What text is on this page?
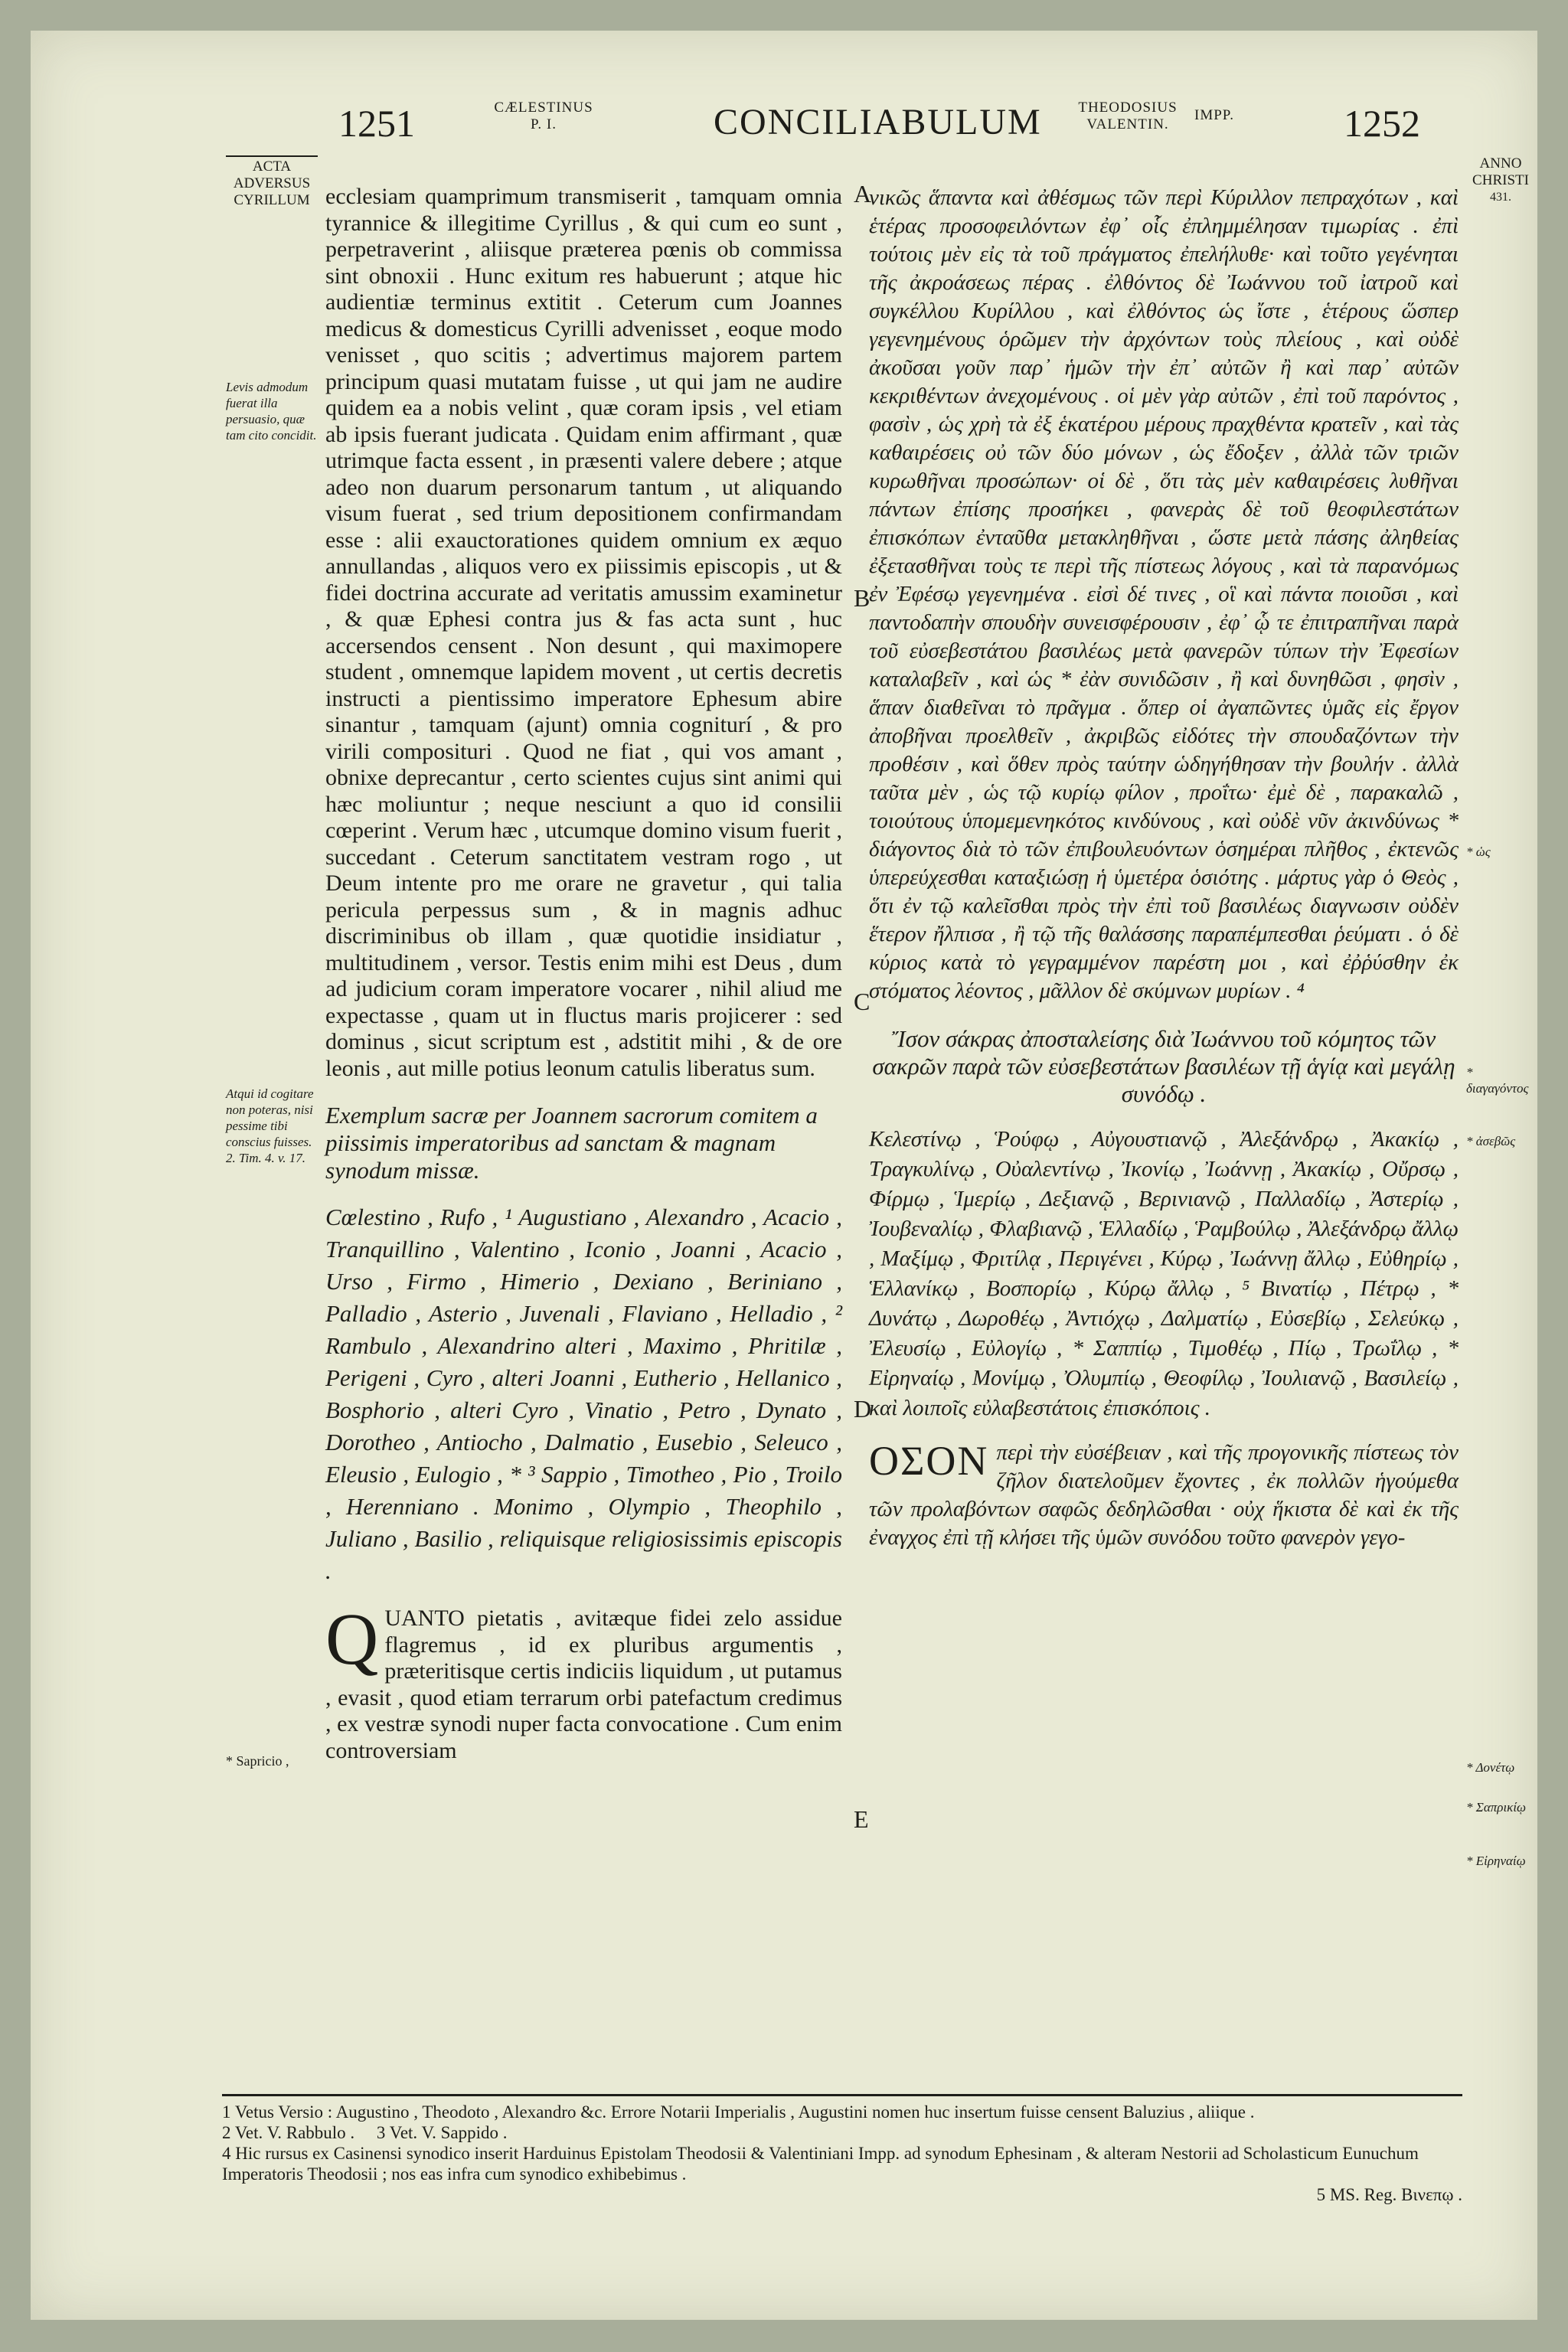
1251	CÆLESTINUS
P. I.	CONCILIABULUM	THEODOSIUS
VALENTIN.
IMPP.	1252
ACTA
ADVERSUS
CYRILLUM
Levis admodum fuerat illa persuasio, quæ tam cito concidit.
Atqui id cogitare non poteras, nisi pessime tibi conscius fuisses. 2. Tim. 4. v. 17.
* Sapricio ,
ANNO
CHRISTI
431.
* ὡς
* διαγαγόντος
* ἀσεβῶς
* Δονέτῳ
* Σαπρικίῳ
* Εἰρηναίῳ
A
B
C
D
E

ecclesiam quamprimum transmiserit , tamquam omnia tyrannice & illegitime Cyrillus , & qui cum eo sunt , perpetraverint , aliisque præterea pœnis ob commissa sint obnoxii . Hunc exitum res habuerunt ; atque hic audientiæ terminus extitit . Ceterum cum Joannes medicus & domesticus Cyrilli advenisset , eoque modo venisset , quo scitis ; advertimus majorem partem principum quasi mutatam fuisse , ut qui jam ne audire quidem ea a nobis velint , quæ coram ipsis , vel etiam ab ipsis fuerant judicata . Quidam enim affirmant , quæ utrimque facta essent , in præsenti valere debere ; atque adeo non duarum personarum tantum , ut aliquando visum fuerat , sed trium depositionem confirmandam esse : alii exauctorationes quidem omnium ex æquo annullandas , aliquos vero ex piissimis episcopis , ut & fidei doctrina accurate ad veritatis amussim examinetur , & quæ Ephesi contra jus & fas acta sunt , huc accersendos censent . Non desunt , qui maximopere student , omnemque lapidem movent , ut certis decretis instructi a pientissimo imperatore Ephesum abire sinantur , tamquam (ajunt) omnia cogniturí , & pro virili composituri . Quod ne fiat , qui vos amant , obnixe deprecantur , certo scientes cujus sint animi qui hæc moliuntur ; neque nesciunt a quo id consilii cœperint . Verum hæc , utcumque domino visum fuerit , succedant . Ceterum sanctitatem vestram rogo , ut Deum intente pro me orare ne gravetur , qui talia pericula perpessus sum , & in magnis adhuc discriminibus ob illam , quæ quotidie insidiatur , multitudinem , versor. Testis enim mihi est Deus , dum ad judicium coram imperatore vocarer , nihil aliud me expectasse , quam ut in fluctus maris projicerer : sed dominus , sicut scriptum est , adstitit mihi , & de ore leonis , aut mille potius leonum catulis liberatus sum.

Exemplum sacræ per Joannem sacrorum comitem a piissimis imperatoribus ad sanctam & magnam synodum missæ.

Cœlestino , Rufo , ¹ Augustiano , Alexandro , Acacio , Tranquillino , Valentino , Iconio , Joanni , Acacio , Urso , Firmo , Himerio , Dexiano , Beriniano , Palladio , Asterio , Juvenali , Flaviano , Helladio , ² Rambulo , Alexandrino alteri , Maximo , Phritilæ , Perigeni , Cyro , alteri Joanni , Eutherio , Hellanico , Bosphorio , alteri Cyro , Vinatio , Petro , Dynato , Dorotheo , Antiocho , Dalmatio , Eusebio , Seleuco , Eleusio , Eulogio , * ³ Sappio , Timotheo , Pio , Troilo , Herenniano . Monimo , Olympio , Theophilo , Juliano , Basilio , reliquisque religiosissimis episcopis .

Q UANTO pietatis , avitæque fidei zelo assidue flagremus , id ex pluribus argumentis , præteritisque certis indiciis liquidum , ut putamus , evasit , quod etiam terrarum orbi patefactum credimus , ex vestræ synodi nuper facta convocatione . Cum enim controversiam

νικῶς ἅπαντα καὶ ἀθέσμως τῶν περὶ Κύριλλον πεπραχότων , καὶ ἑτέρας προσοφειλόντων ἐφ᾽ οἷς ἐπλημμέλησαν τιμωρίας . ἐπὶ τούτοις μὲν εἰς τὰ τοῦ πράγματος ἐπελήλυθε· καὶ τοῦτο γεγένηται τῆς ἀκροάσεως πέρας . ἐλθόντος δὲ Ἰωάννου τοῦ ἰατροῦ καὶ συγκέλλου Κυρίλλου , καὶ ἐλθόντος ὡς ἴστε , ἑτέρους ὥσπερ γεγενημένους ὁρῶμεν τὴν ἀρχόντων τοὺς πλείους , καὶ οὐδὲ ἀκοῦσαι γοῦν παρ᾽ ἡμῶν τὴν ἐπ᾽ αὐτῶν ἢ καὶ παρ᾽ αὐτῶν κεκριθέντων ἀνεχομένους . οἱ μὲν γὰρ αὐτῶν , ἐπὶ τοῦ παρόντος , φασὶν , ὡς χρὴ τὰ ἐξ ἑκατέρου μέρους πραχθέντα κρατεῖν , καὶ τὰς καθαιρέσεις οὐ τῶν δύο μόνων , ὡς ἔδοξεν , ἀλλὰ τῶν τριῶν κυρωθῆναι προσώπων· οἱ δὲ , ὅτι τὰς μὲν καθαιρέσεις λυθῆναι πάντων ἐπίσης προσήκει , φανερὰς δὲ τοῦ θεοφιλεστάτων ἐπισκόπων ἐνταῦθα μετακληθῆναι , ὥστε μετὰ πάσης ἀληθείας ἐξετασθῆναι τοὺς τε περὶ τῆς πίστεως λόγους , καὶ τὰ παρανόμως ἐν Ἐφέσῳ γεγενημένα . εἰσὶ δέ τινες , οἳ καὶ πάντα ποιοῦσι , καὶ παντοδαπὴν σπουδὴν συνεισφέρουσιν , ἐφ᾽ ᾧ τε ἐπιτραπῆναι παρὰ τοῦ εὐσεβεστάτου βασιλέως μετὰ φανερῶν τύπων τὴν Ἐφεσίων καταλαβεῖν , καὶ ὡς * ἐὰν συνιδῶσιν , ἢ καὶ δυνηθῶσι , φησὶν , ἅπαν διαθεῖναι τὸ πρᾶγμα . ὅπερ οἱ ἀγαπῶντες ὑμᾶς εἰς ἔργον ἀποβῆναι προελθεῖν , ἀκριβῶς εἰδότες τὴν σπουδαζόντων τὴν προθέσιν , καὶ ὅθεν πρὸς ταύτην ὡδηγήθησαν τὴν βουλήν . ἀλλὰ ταῦτα μὲν , ὡς τῷ κυρίῳ φίλον , προΐτω· ἐμὲ δὲ , παρακαλῶ , τοιούτους ὑπομεμενηκότος κινδύνους , καὶ οὐδὲ νῦν ἀκινδύνως * διάγοντος διὰ τὸ τῶν ἐπιβουλευόντων ὁσημέραι πλῆθος , ἐκτενῶς ὑπερεύχεσθαι καταξιώσῃ ἡ ὑμετέρα ὁσιότης . μάρτυς γὰρ ὁ Θεὸς , ὅτι ἐν τῷ καλεῖσθαι πρὸς τὴν ἐπὶ τοῦ βασιλέως διαγνωσιν οὐδὲν ἕτερον ἤλπισα , ἢ τῷ τῆς θαλάσσης παραπέμπεσθαι ῥεύματι . ὁ δὲ κύριος κατὰ τὸ γεγραμμένον παρέστη μοι , καὶ ἐῤῥύσθην ἐκ στόματος λέοντος , μᾶλλον δὲ σκύμνων μυρίων . ⁴

Ἴσον σάκρας ἀποσταλείσης διὰ Ἰωάννου τοῦ κόμητος τῶν σακρῶν παρὰ τῶν εὐσεβεστάτων βασιλέων τῇ ἁγίᾳ καὶ μεγάλῃ συνόδῳ .

Κελεστίνῳ , Ῥούφῳ , Αὐγουστιανῷ , Ἀλεξάνδρῳ , Ἀκακίῳ , Τραγκυλίνῳ , Οὐαλεντίνῳ , Ἰκονίῳ , Ἰωάννῃ , Ἀκακίῳ , Οὔρσῳ , Φίρμῳ , Ἱμερίῳ , Δεξιανῷ , Βερινιανῷ , Παλλαδίῳ , Ἀστερίῳ , Ἰουβεναλίῳ , Φλαβιανῷ , Ἑλλαδίῳ , Ῥαμβούλῳ , Ἀλεξάνδρῳ ἄλλῳ , Μαξίμῳ , Φριτίλᾳ , Περιγένει , Κύρῳ , Ἰωάννῃ ἄλλῳ , Εὐθηρίῳ , Ἑλλανίκῳ , Βοσπορίῳ , Κύρῳ ἄλλῳ , ⁵ Βινατίῳ , Πέτρῳ , * Δυνάτῳ , Δωροθέῳ , Ἀντιόχῳ , Δαλματίῳ , Εὐσεβίῳ , Σελεύκῳ , Ἐλευσίῳ , Εὐλογίῳ , * Σαππίῳ , Τιμοθέῳ , Πίῳ , Τρωΐλῳ , * Εἰρηναίῳ , Μονίμῳ , Ὀλυμπίῳ , Θεοφίλῳ , Ἰουλιανῷ , Βασιλείῳ , καὶ λοιποῖς εὐλαβεστάτοις ἐπισκόποις .

ΟΣΟΝ περὶ τὴν εὐσέβειαν , καὶ τῆς προγονικῆς πίστεως τὸν ζῆλον διατελοῦμεν ἔχοντες , ἐκ πολλῶν ἡγούμεθα τῶν προλαβόντων σαφῶς δεδηλῶσθαι · οὐχ ἥκιστα δὲ καὶ ἐκ τῆς ἐναγχος ἐπὶ τῇ κλήσει τῆς ὑμῶν συνόδου τοῦτο φανερὸν γεγο-

1 Vetus Versio : Augustino , Theodoto , Alexandro &c. Errore Notarii Imperialis , Augustini nomen huc insertum fuisse censent Baluzius , aliique .

2 Vet. V. Rabbulo . 3 Vet. V. Sappido .

4 Hic rursus ex Casinensi synodico inserit Harduinus Epistolam Theodosii & Valentiniani Impp. ad synodum Ephesinam , & alteram Nestorii ad Scholasticum Eunuchum Imperatoris Theodosii ; nos eas infra cum synodico exhibebimus .

5 MS. Reg. Βινεπῳ .
